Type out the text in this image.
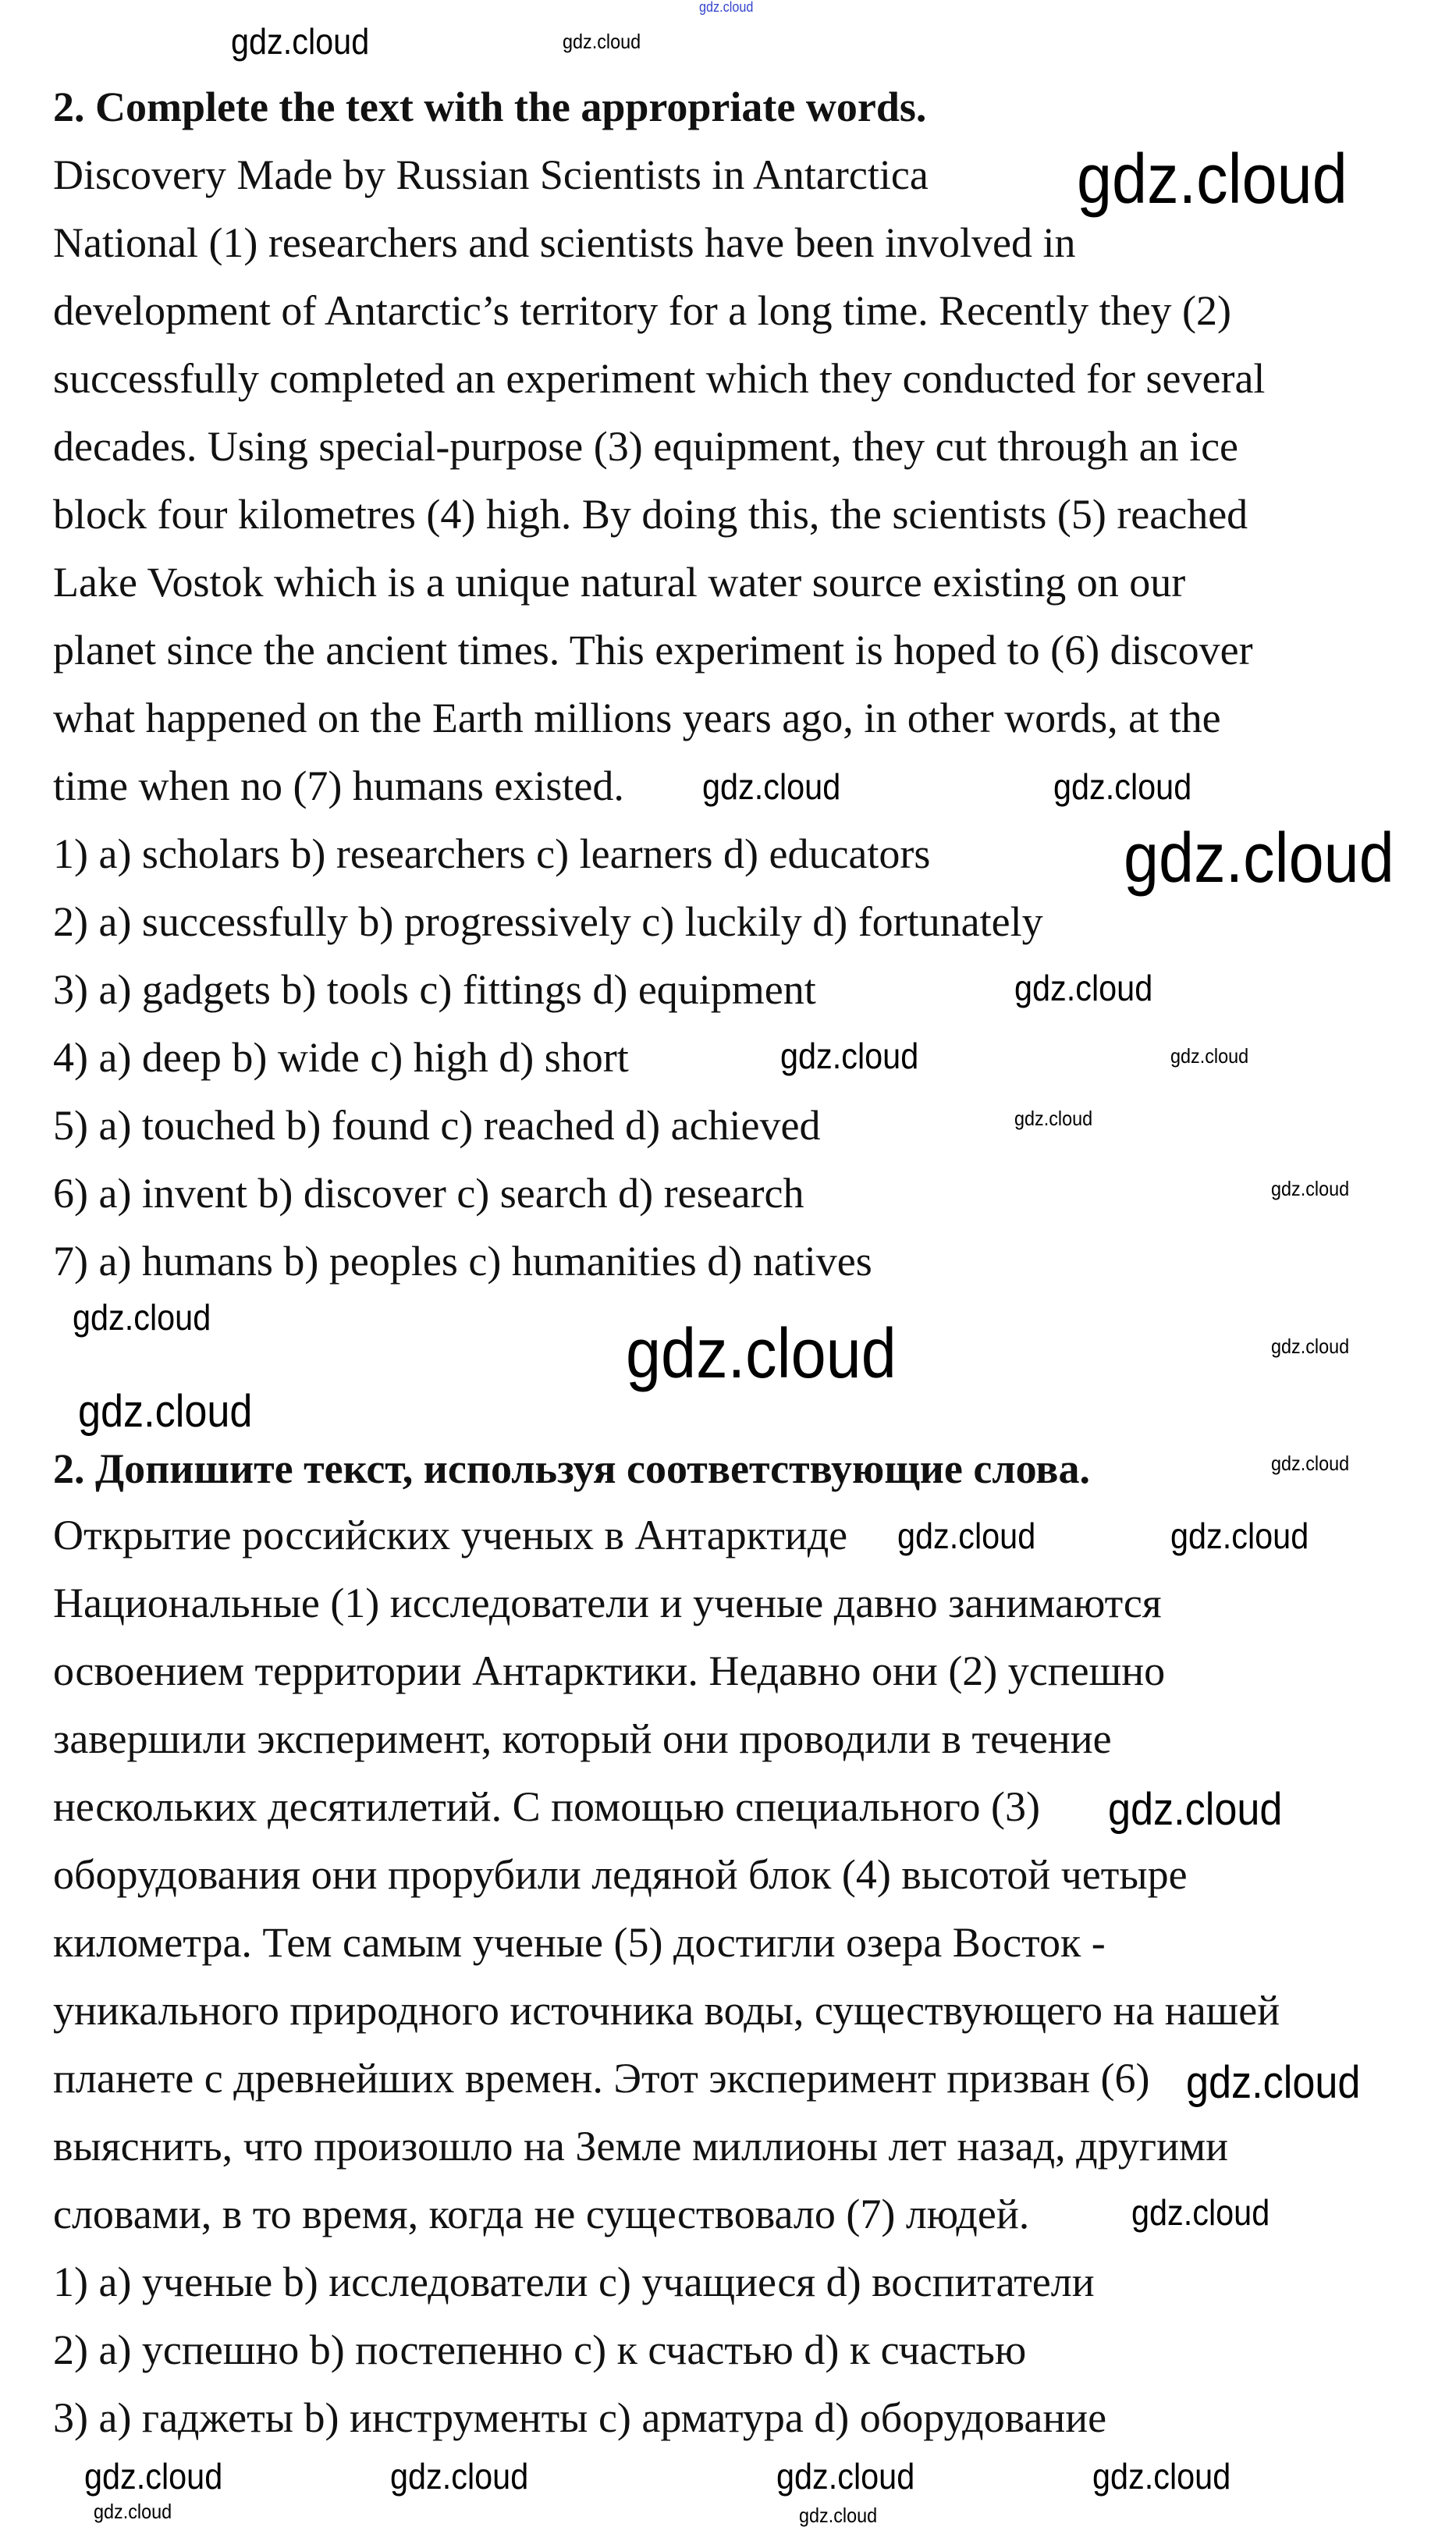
2. Complete the text with the appropriate words.
Discovery Made by Russian Scientists in Antarctica
National (1) researchers and scientists have been involved in
development of Antarctic’s territory for a long time. Recently they (2)
successfully completed an experiment which they conducted for several
decades. Using special-purpose (3) equipment, they cut through an ice
block four kilometres (4) high. By doing this, the scientists (5) reached
Lake Vostok which is a unique natural water source existing on our
planet since the ancient times. This experiment is hoped to (6) discover
what happened on the Earth millions years ago, in other words, at the
time when no (7) humans existed.
1) a) scholars b) researchers c) learners d) educators
2) a) successfully b) progressively c) luckily d) fortunately
3) a) gadgets b) tools c) fittings d) equipment
4) a) deep b) wide c) high d) short
5) a) touched b) found c) reached d) achieved
6) a) invent b) discover c) search d) research
7) a) humans b) peoples c) humanities d) natives
2. Допишите текст, используя соответствующие слова.
Открытие российских ученых в Антарктиде
Национальные (1) исследователи и ученые давно занимаются
освоением территории Антарктики. Недавно они (2) успешно
завершили эксперимент, который они проводили в течение
нескольких десятилетий. С помощью специального (3)
оборудования они прорубили ледяной блок (4) высотой четыре
километра. Тем самым ученые (5) достигли озера Восток -
уникального природного источника воды, существующего на нашей
планете с древнейших времен. Этот эксперимент призван (6)
выяснить, что произошло на Земле миллионы лет назад, другими
словами, в то время, когда не существовало (7) людей.
1) a) ученые b) исследователи c) учащиеся d) воспитатели
2) a) успешно b) постепенно c) к счастью d) к счастью
3) a) гаджеты b) инструменты c) арматура d) оборудование
gdz.cloud
gdz.cloud
gdz.cloud	gdz.cloud
gdz.cloud
gdz.cloud
gdz.cloud
gdz.cloud
gdz.cloud
gdz.cloud
gdz.cloud
gdz.cloud
gdz.cloud
gdz.cloud	gdz.cloud
gdz.cloud
gdz.cloud
gdz.cloud	gdz.cloud
gdz.cloud
gdz.cloud
gdz.cloud
gdz.cloud
gdz.cloud
gdz.cloud
gdz.cloud
gdz.cloud
gdz.cloud
